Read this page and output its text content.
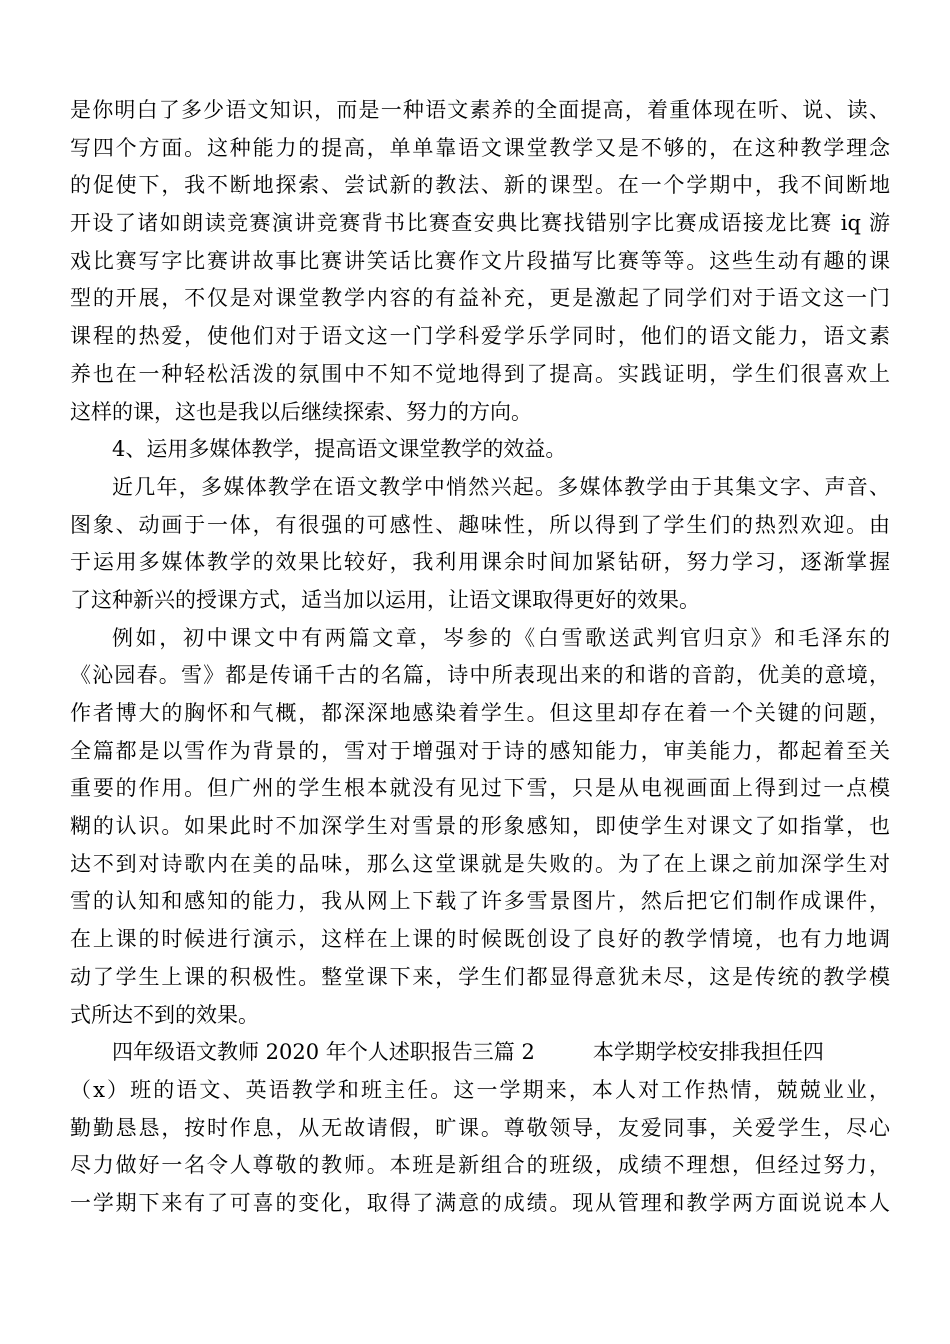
是你明白了多少语文知识，而是一种语文素养的全面提高，着重体现在听、说、读、
写四个方面。这种能力的提高，单单靠语文课堂教学又是不够的，在这种教学理念
的促使下，我不断地探索、尝试新的教法、新的课型。在一个学期中，我不间断地
开设了诸如朗读竞赛演讲竞赛背书比赛查安典比赛找错别字比赛成语接龙比赛 iq 游
戏比赛写字比赛讲故事比赛讲笑话比赛作文片段描写比赛等等。这些生动有趣的课
型的开展，不仅是对课堂教学内容的有益补充，更是激起了同学们对于语文这一门
课程的热爱，使他们对于语文这一门学科爱学乐学同时，他们的语文能力，语文素
养也在一种轻松活泼的氛围中不知不觉地得到了提高。实践证明，学生们很喜欢上
这样的课，这也是我以后继续探索、努力的方向。
4、运用多媒体教学，提高语文课堂教学的效益。
近几年，多媒体教学在语文教学中悄然兴起。多媒体教学由于其集文字、声音、
图象、动画于一体，有很强的可感性、趣味性，所以得到了学生们的热烈欢迎。由
于运用多媒体教学的效果比较好，我利用课余时间加紧钻研，努力学习，逐渐掌握
了这种新兴的授课方式，适当加以运用，让语文课取得更好的效果。
例如，初中课文中有两篇文章，岑参的《白雪歌送武判官归京》和毛泽东的
《沁园春。雪》都是传诵千古的名篇，诗中所表现出来的和谐的音韵，优美的意境，
作者博大的胸怀和气概，都深深地感染着学生。但这里却存在着一个关键的问题，
全篇都是以雪作为背景的，雪对于增强对于诗的感知能力，审美能力，都起着至关
重要的作用。但广州的学生根本就没有见过下雪，只是从电视画面上得到过一点模
糊的认识。如果此时不加深学生对雪景的形象感知，即使学生对课文了如指掌，也
达不到对诗歌内在美的品味，那么这堂课就是失败的。为了在上课之前加深学生对
雪的认知和感知的能力，我从网上下载了许多雪景图片，然后把它们制作成课件，
在上课的时候进行演示，这样在上课的时候既创设了良好的教学情境，也有力地调
动了学生上课的积极性。整堂课下来，学生们都显得意犹未尽，这是传统的教学模
式所达不到的效果。
四年级语文教师 2020 年个人述职报告三篇 2	本学期学校安排我担任四
（x）班的语文、英语教学和班主任。这一学期来，本人对工作热情，兢兢业业，
勤勤恳恳，按时作息，从无故请假，旷课。尊敬领导，友爱同事，关爱学生，尽心
尽力做好一名令人尊敬的教师。本班是新组合的班级，成绩不理想，但经过努力，
一学期下来有了可喜的变化，取得了满意的成绩。现从管理和教学两方面说说本人
